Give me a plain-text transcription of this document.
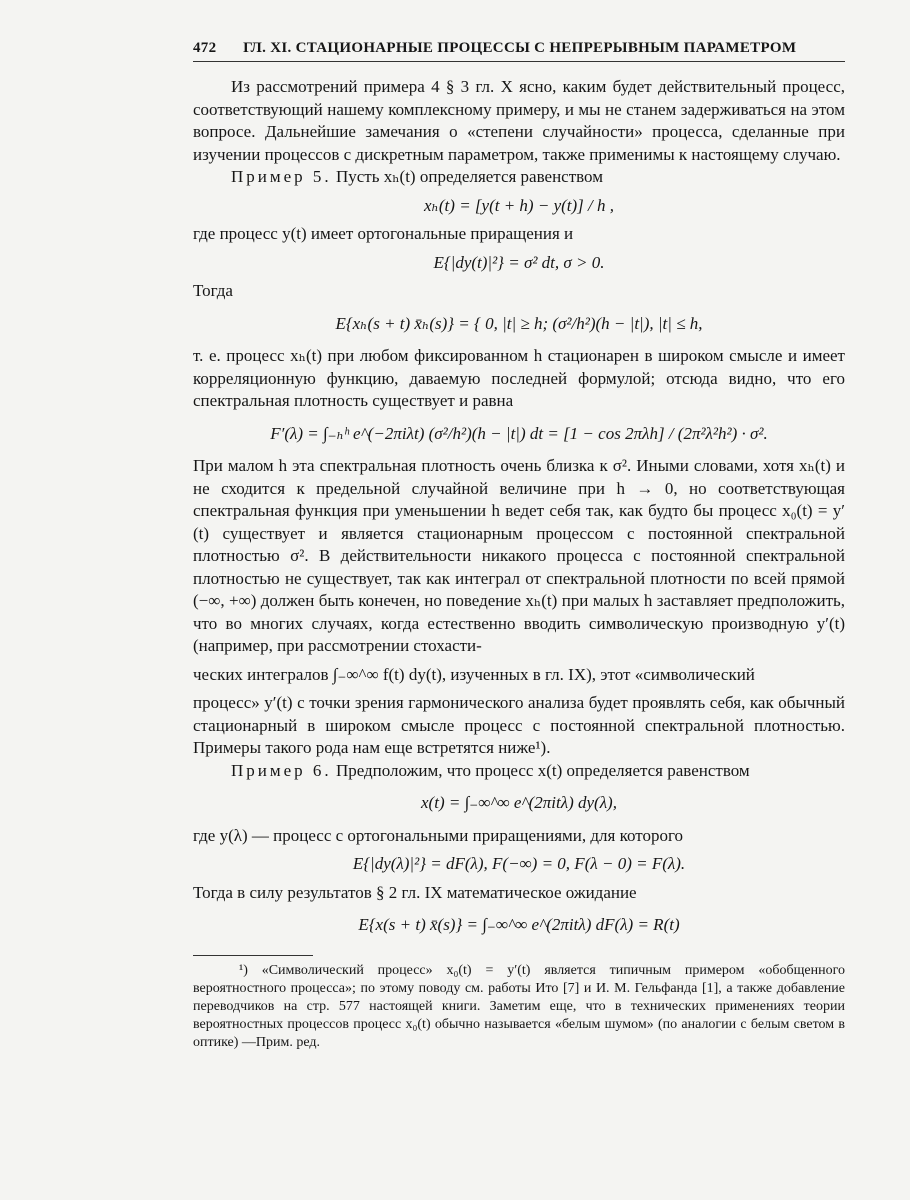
472 ГЛ. XI. СТАЦИОНАРНЫЕ ПРОЦЕССЫ С НЕПРЕРЫВНЫМ ПАРАМЕТРОМ

Из рассмотрений примера 4 § 3 гл. X ясно, каким будет действительный процесс, соответствующий нашему комплексному примеру, и мы не станем задерживаться на этом вопросе. Дальнейшие замечания о «степени случайности» процесса, сделанные при изучении процессов с дискретным параметром, также применимы к настоящему случаю.

Пример 5. Пусть xₕ(t) определяется равенством

xₕ(t) = [y(t + h) − y(t)] / h ,

где процесс y(t) имеет ортогональные приращения и

E{|dy(t)|²} = σ² dt, σ > 0.

Тогда

E{xₕ(s + t) x̄ₕ(s)} = { 0, |t| ≥ h; (σ²/h²)(h − |t|), |t| ≤ h,

т. е. процесс xₕ(t) при любом фиксированном h стационарен в широком смысле и имеет корреляционную функцию, даваемую последней формулой; отсюда видно, что его спектральная плотность существует и равна

F′(λ) = ∫₋ₕʰ e^(−2πiλt) (σ²/h²)(h − |t|) dt = [1 − cos 2πλh] / (2π²λ²h²) · σ².

При малом h эта спектральная плотность очень близка к σ². Иными словами, хотя xₕ(t) и не сходится к предельной случайной величине при h → 0, но соответствующая спектральная функция при уменьшении h ведет себя так, как будто бы процесс x₀(t) = y′(t) существует и является стационарным процессом с постоянной спектральной плотностью σ². В действительности никакого процесса с постоянной спектральной плотностью не существует, так как интеграл от спектральной плотности по всей прямой (−∞, +∞) должен быть конечен, но поведение xₕ(t) при малых h заставляет предположить, что во многих случаях, когда естественно вводить символическую производную y′(t) (например, при рассмотрении стохасти-

ческих интегралов ∫₋∞^∞ f(t) dy(t), изученных в гл. IX), этот «символический

процесс» y′(t) с точки зрения гармонического анализа будет проявлять себя, как обычный стационарный в широком смысле процесс с постоянной спектральной плотностью. Примеры такого рода нам еще встретятся ниже¹).

Пример 6. Предположим, что процесс x(t) определяется равенством

x(t) = ∫₋∞^∞ e^(2πitλ) dy(λ),

где y(λ) — процесс с ортогональными приращениями, для которого

E{|dy(λ)|²} = dF(λ), F(−∞) = 0, F(λ − 0) = F(λ).

Тогда в силу результатов § 2 гл. IX математическое ожидание

E{x(s + t) x̄(s)} = ∫₋∞^∞ e^(2πitλ) dF(λ) = R(t)

¹) «Символический процесс» x₀(t) = y′(t) является типичным примером «обобщенного вероятностного процесса»; по этому поводу см. работы Ито [7] и И. М. Гельфанда [1], а также добавление переводчиков на стр. 577 настоящей книги. Заметим еще, что в технических применениях теории вероятностных процессов процесс x₀(t) обычно называется «белым шумом» (по аналогии с белым светом в оптике) —Прим. ред.
